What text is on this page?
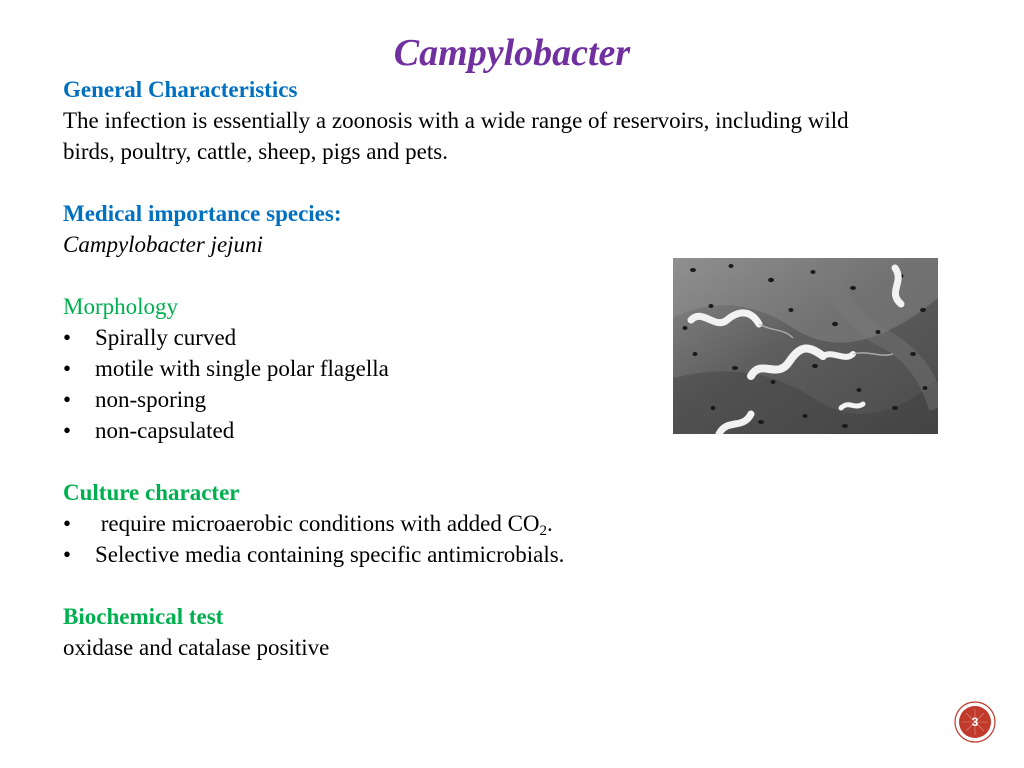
Campylobacter
General Characteristics
The infection is essentially a zoonosis with a wide range of reservoirs, including wild
birds, poultry, cattle, sheep, pigs and pets.
Medical importance species:
Campylobacter jejuni
Morphology
• Spirally curved
• motile with single polar flagella
• non-sporing
• non-capsulated
Culture character
• require microaerobic conditions with added $CO_2$.
• Selective media containing specific antimicrobials.
Biochemical test
oxidase and catalase positive
3
